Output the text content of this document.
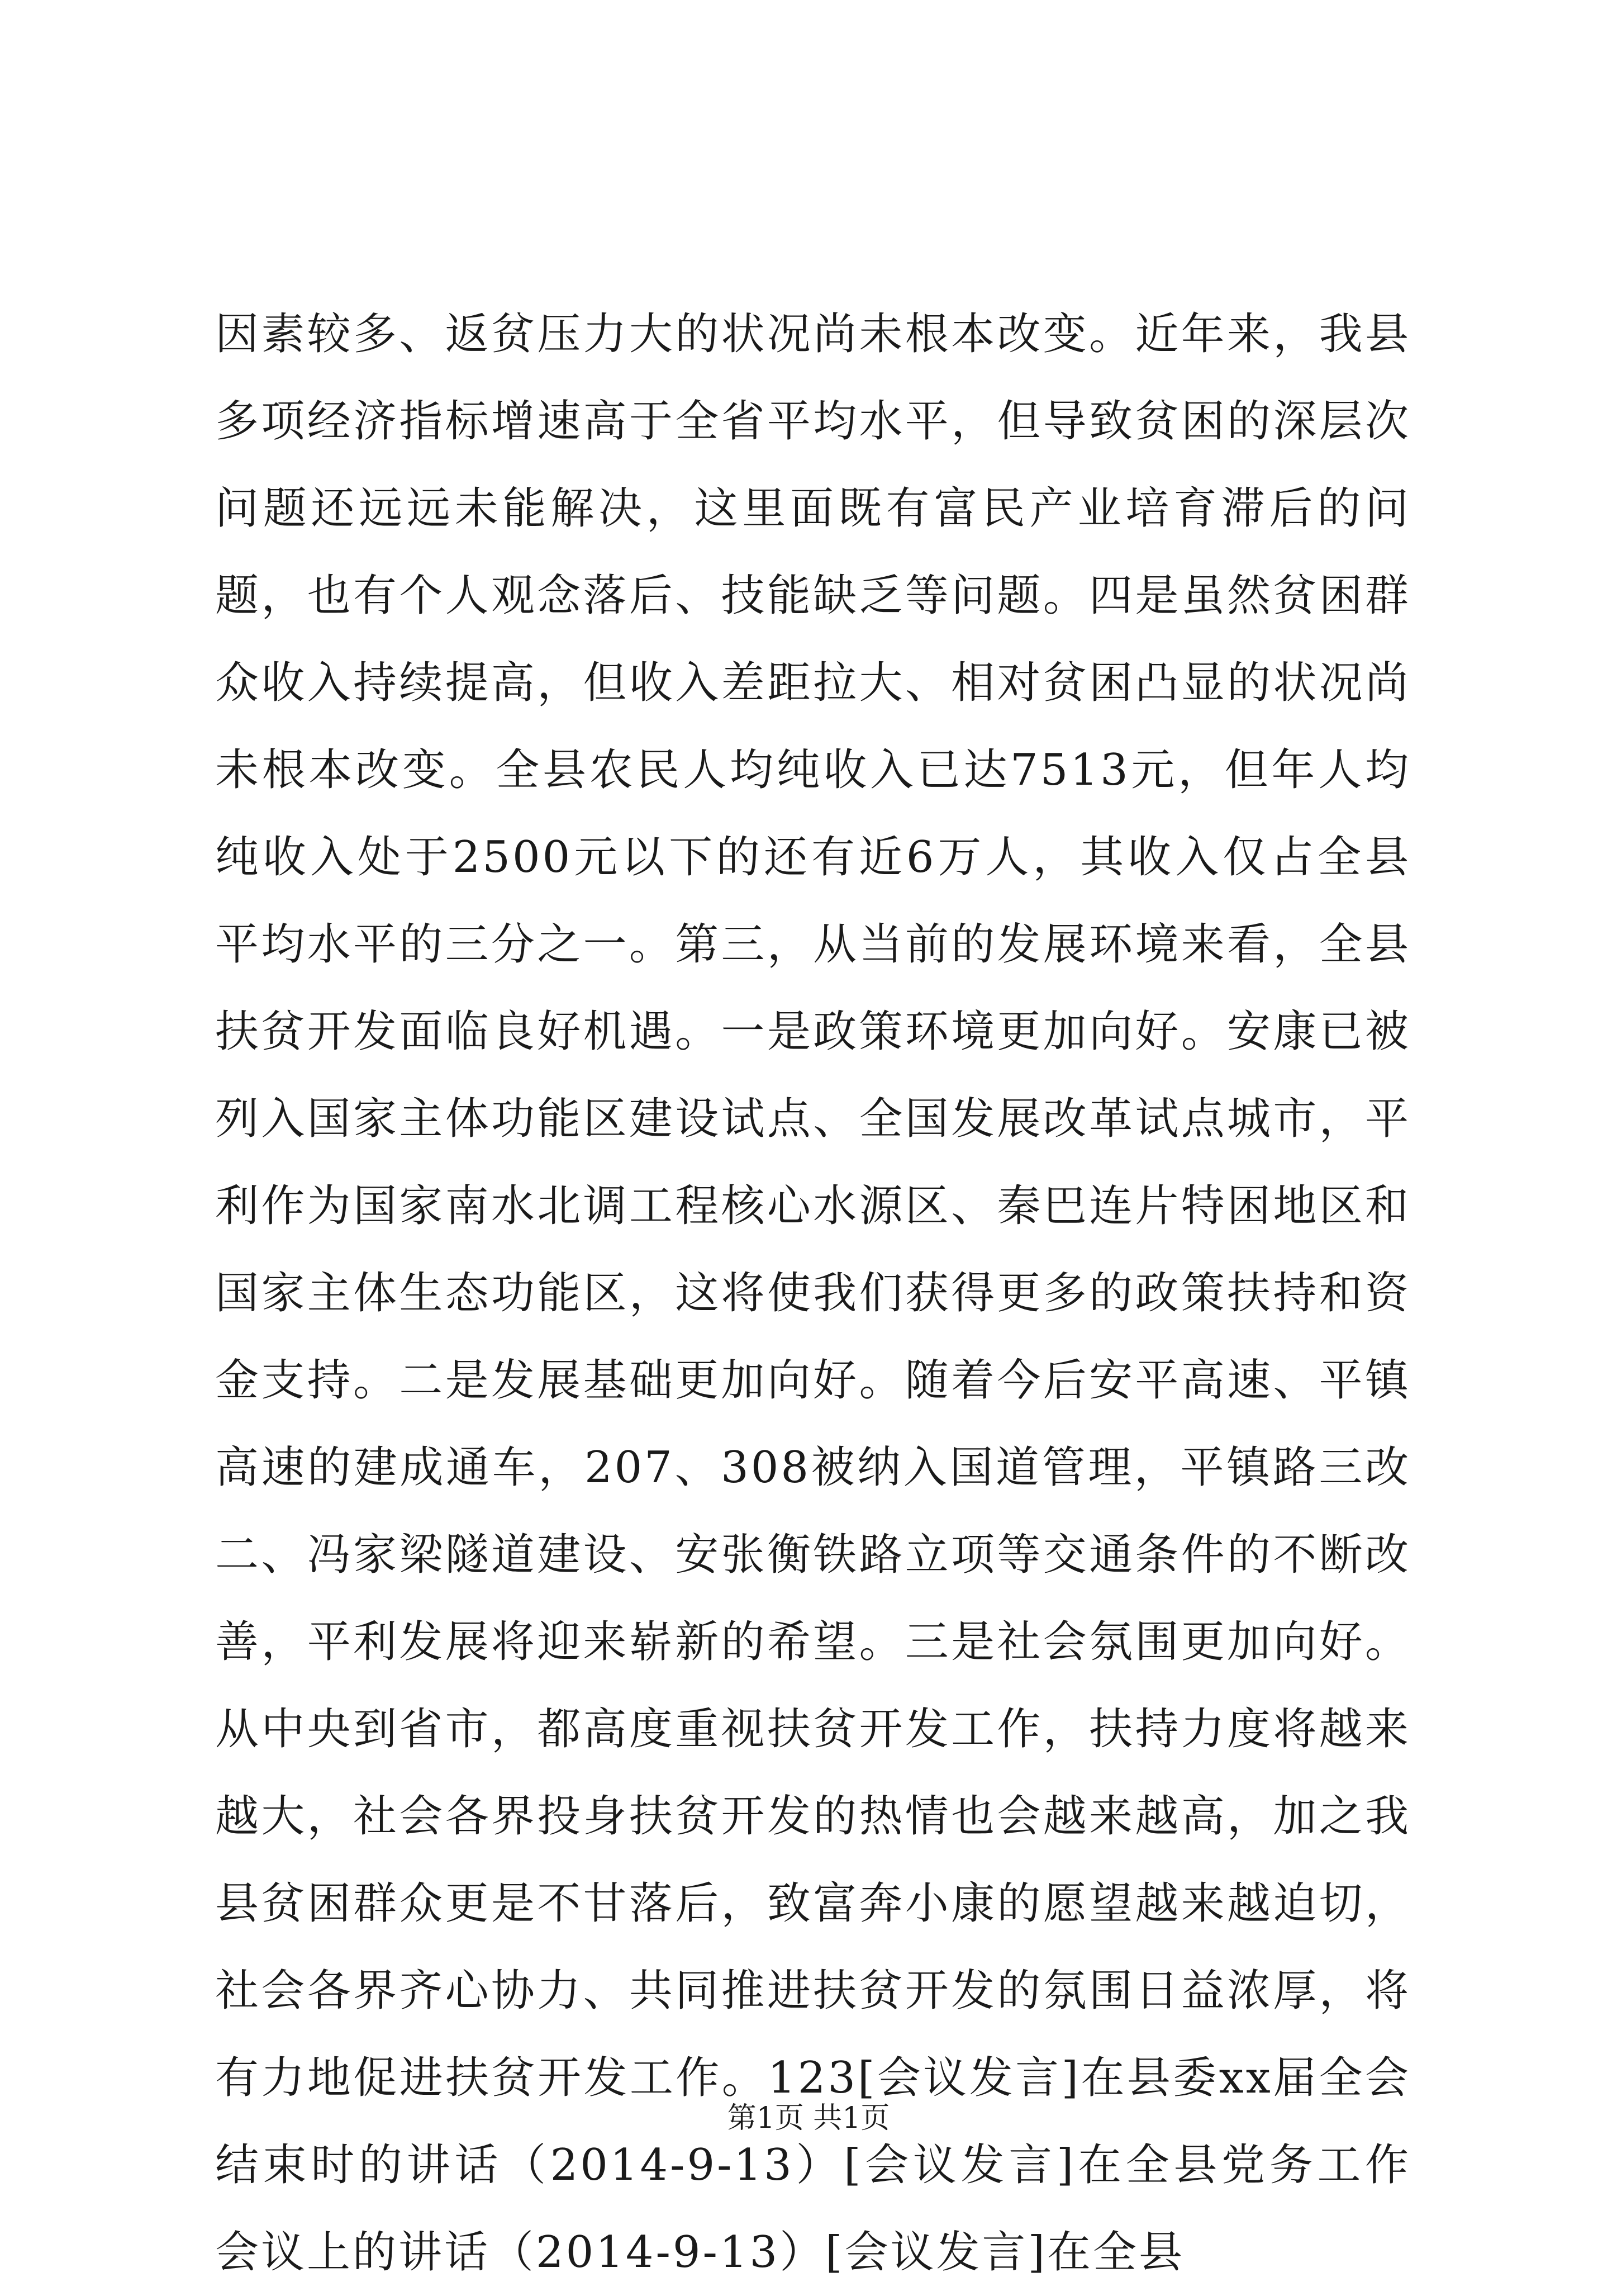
因素较多、返贫压力大的状况尚未根本改变。近年来，我县多项经济指标增速高于全省平均水平，但导致贫困的深层次问题还远远未能解决，这里面既有富民产业培育滞后的问题，也有个人观念落后、技能缺乏等问题。四是虽然贫困群众收入持续提高，但收入差距拉大、相对贫困凸显的状况尚未根本改变。全县农民人均纯收入已达7513元，但年人均纯收入处于2500元以下的还有近6万人，其收入仅占全县平均水平的三分之一。第三，从当前的发展环境来看，全县扶贫开发面临良好机遇。一是政策环境更加向好。安康已被列入国家主体功能区建设试点、全国发展改革试点城市，平利作为国家南水北调工程核心水源区、秦巴连片特困地区和国家主体生态功能区，这将使我们获得更多的政策扶持和资金支持。二是发展基础更加向好。随着今后安平高速、平镇高速的建成通车，207、308被纳入国道管理，平镇路三改二、冯家梁隧道建设、安张衡铁路立项等交通条件的不断改善，平利发展将迎来崭新的希望。三是社会氛围更加向好。从中央到省市，都高度重视扶贫开发工作，扶持力度将越来越大，社会各界投身扶贫开发的热情也会越来越高，加之我县贫困群众更是不甘落后，致富奔小康的愿望越来越迫切，社会各界齐心协力、共同推进扶贫开发的氛围日益浓厚，将有力地促进扶贫开发工作。123[会议发言]在县委xx届全会结束时的讲话（2014-9-13）[会议发言]在全县党务工作会议上的讲话（2014-9-13）[会议发言]在全县

第1页 共1页
